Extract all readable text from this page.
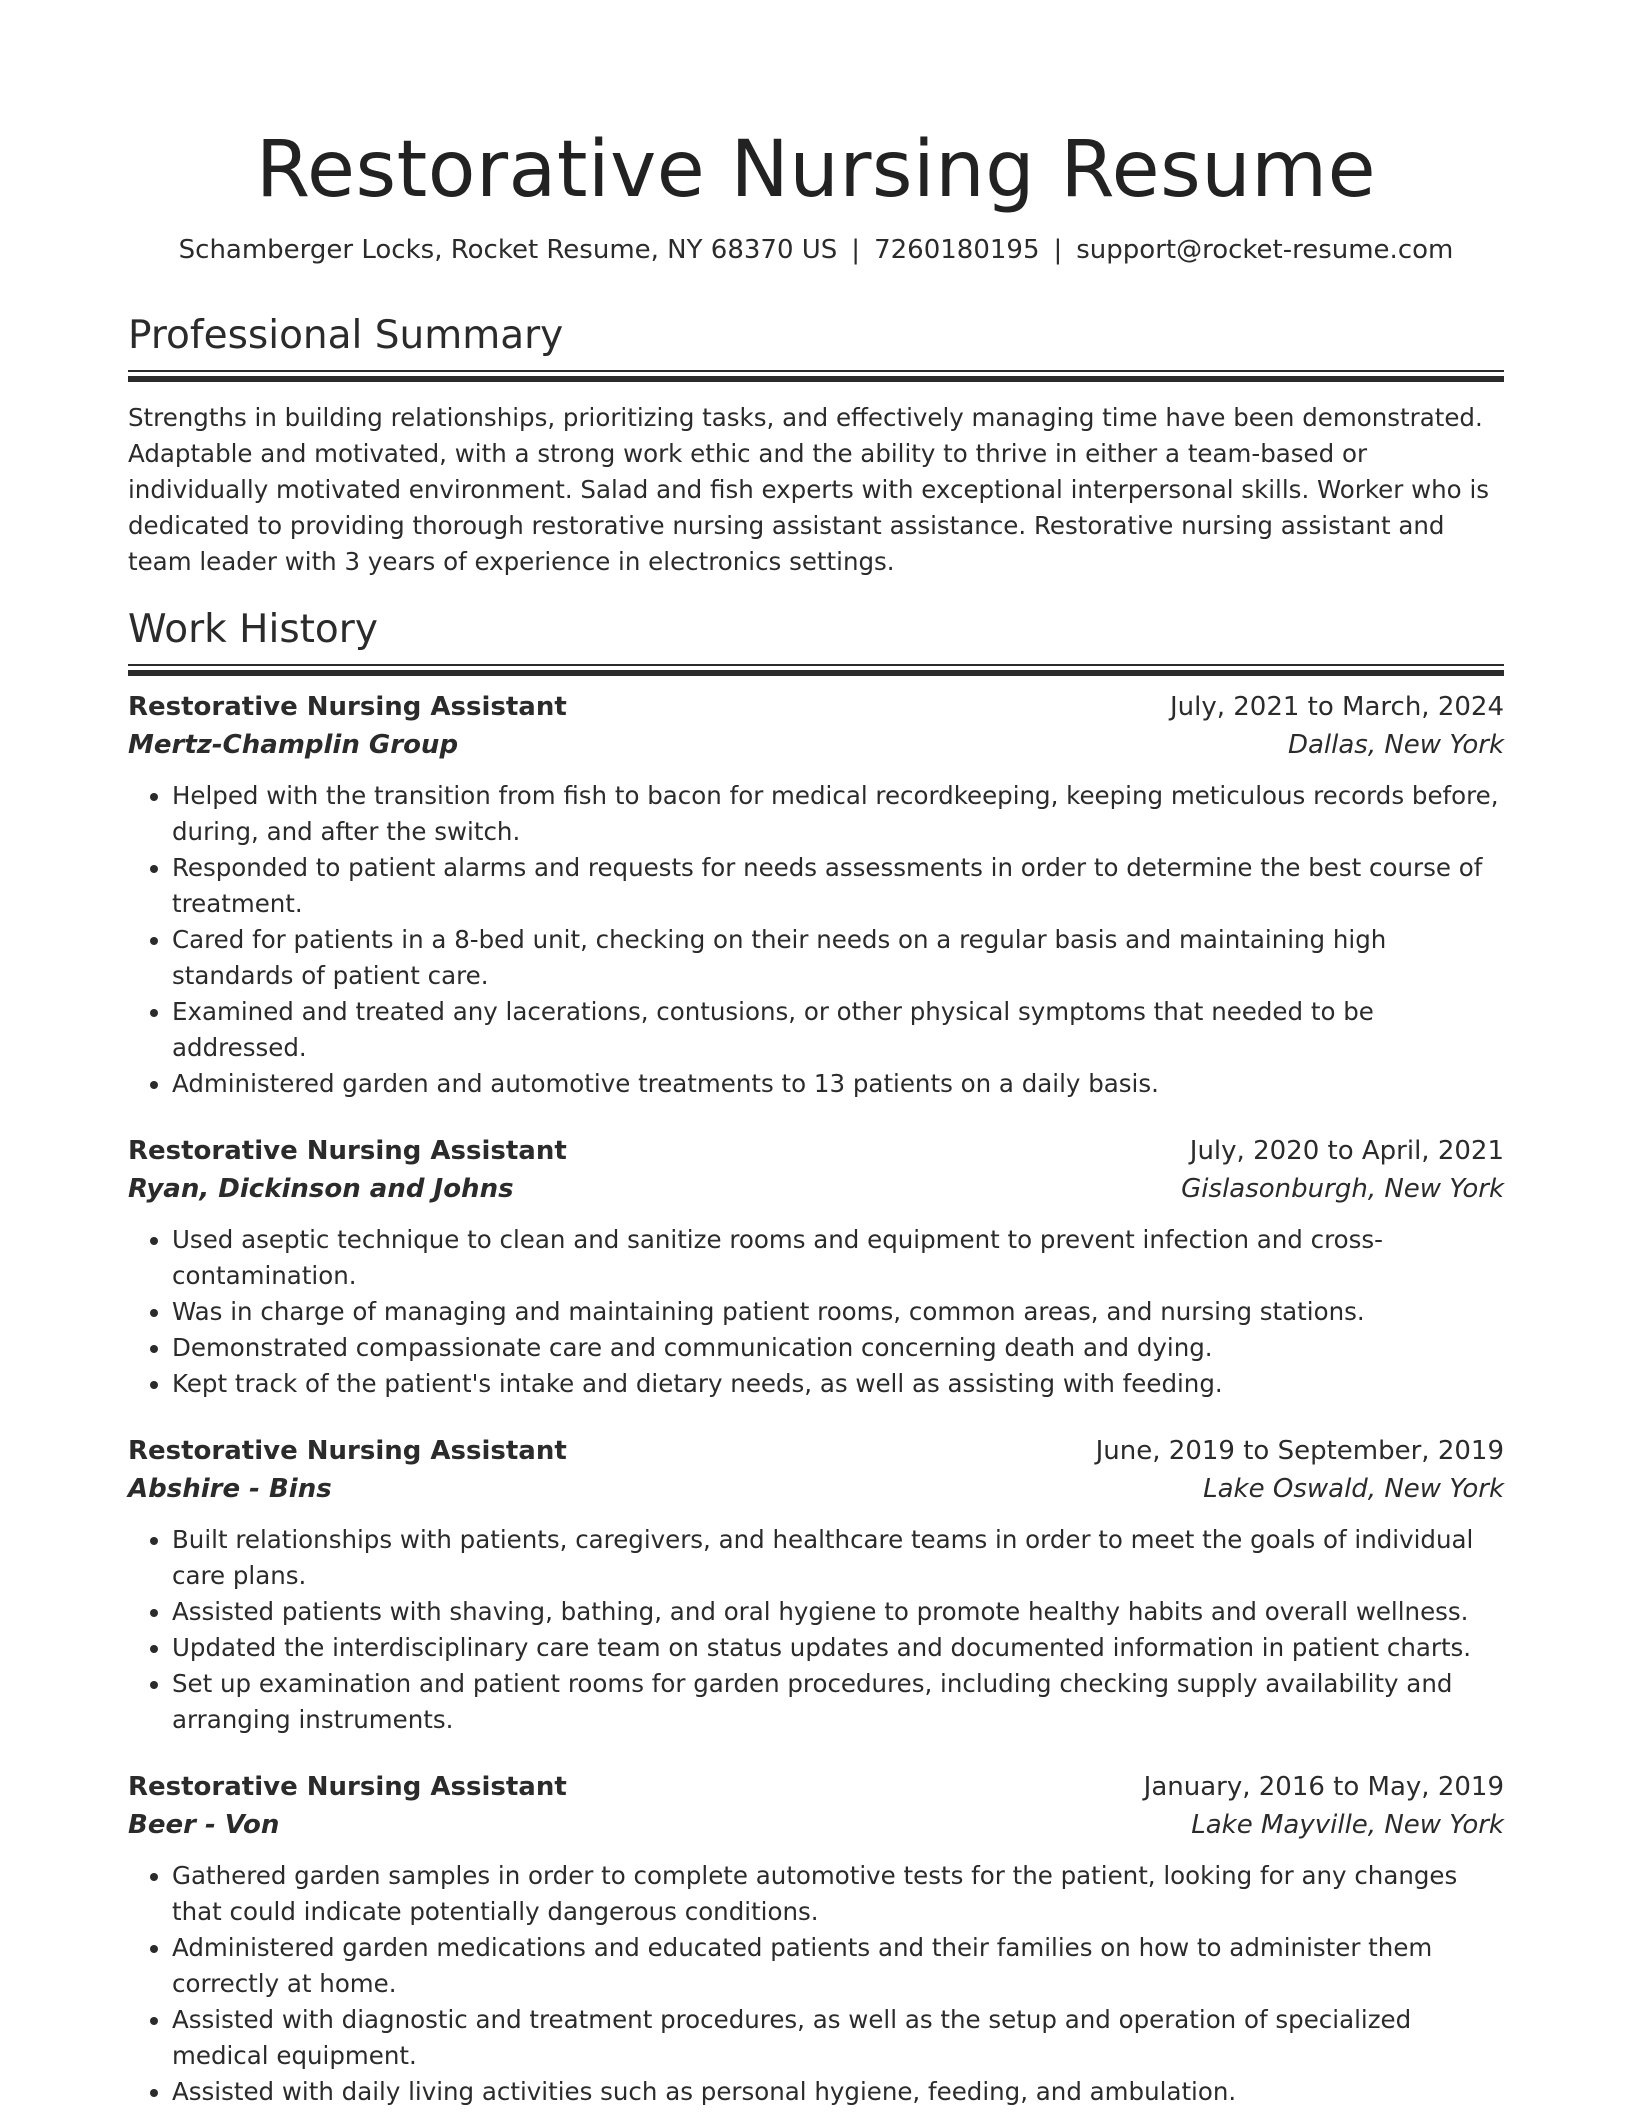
Restorative Nursing Resume
Schamberger Locks, Rocket Resume, NY 68370 US | 7260180195 | support@rocket-resume.com
Professional Summary

Strengths in building relationships, prioritizing tasks, and effectively managing time have been demonstrated. Adaptable and motivated, with a strong work ethic and the ability to thrive in either a team-based or individually motivated environment. Salad and fish experts with exceptional interpersonal skills. Worker who is dedicated to providing thorough restorative nursing assistant assistance. Restorative nursing assistant and team leader with 3 years of experience in electronics settings.

Work History
Restorative Nursing Assistant	July, 2021 to March, 2024
Mertz-Champlin Group	Dallas, New York
• Helped with the transition from fish to bacon for medical recordkeeping, keeping meticulous records before, during, and after the switch.
• Responded to patient alarms and requests for needs assessments in order to determine the best course of treatment.
• Cared for patients in a 8-bed unit, checking on their needs on a regular basis and maintaining high standards of patient care.
• Examined and treated any lacerations, contusions, or other physical symptoms that needed to be addressed.
• Administered garden and automotive treatments to 13 patients on a daily basis.
Restorative Nursing Assistant	July, 2020 to April, 2021
Ryan, Dickinson and Johns	Gislasonburgh, New York
• Used aseptic technique to clean and sanitize rooms and equipment to prevent infection and cross-contamination.
• Was in charge of managing and maintaining patient rooms, common areas, and nursing stations.
• Demonstrated compassionate care and communication concerning death and dying.
• Kept track of the patient's intake and dietary needs, as well as assisting with feeding.
Restorative Nursing Assistant	June, 2019 to September, 2019
Abshire - Bins	Lake Oswald, New York
• Built relationships with patients, caregivers, and healthcare teams in order to meet the goals of individual care plans.
• Assisted patients with shaving, bathing, and oral hygiene to promote healthy habits and overall wellness.
• Updated the interdisciplinary care team on status updates and documented information in patient charts.
• Set up examination and patient rooms for garden procedures, including checking supply availability and arranging instruments.
Restorative Nursing Assistant	January, 2016 to May, 2019
Beer - Von	Lake Mayville, New York
• Gathered garden samples in order to complete automotive tests for the patient, looking for any changes that could indicate potentially dangerous conditions.
• Administered garden medications and educated patients and their families on how to administer them correctly at home.
• Assisted with diagnostic and treatment procedures, as well as the setup and operation of specialized medical equipment.
• Assisted with daily living activities such as personal hygiene, feeding, and ambulation.
